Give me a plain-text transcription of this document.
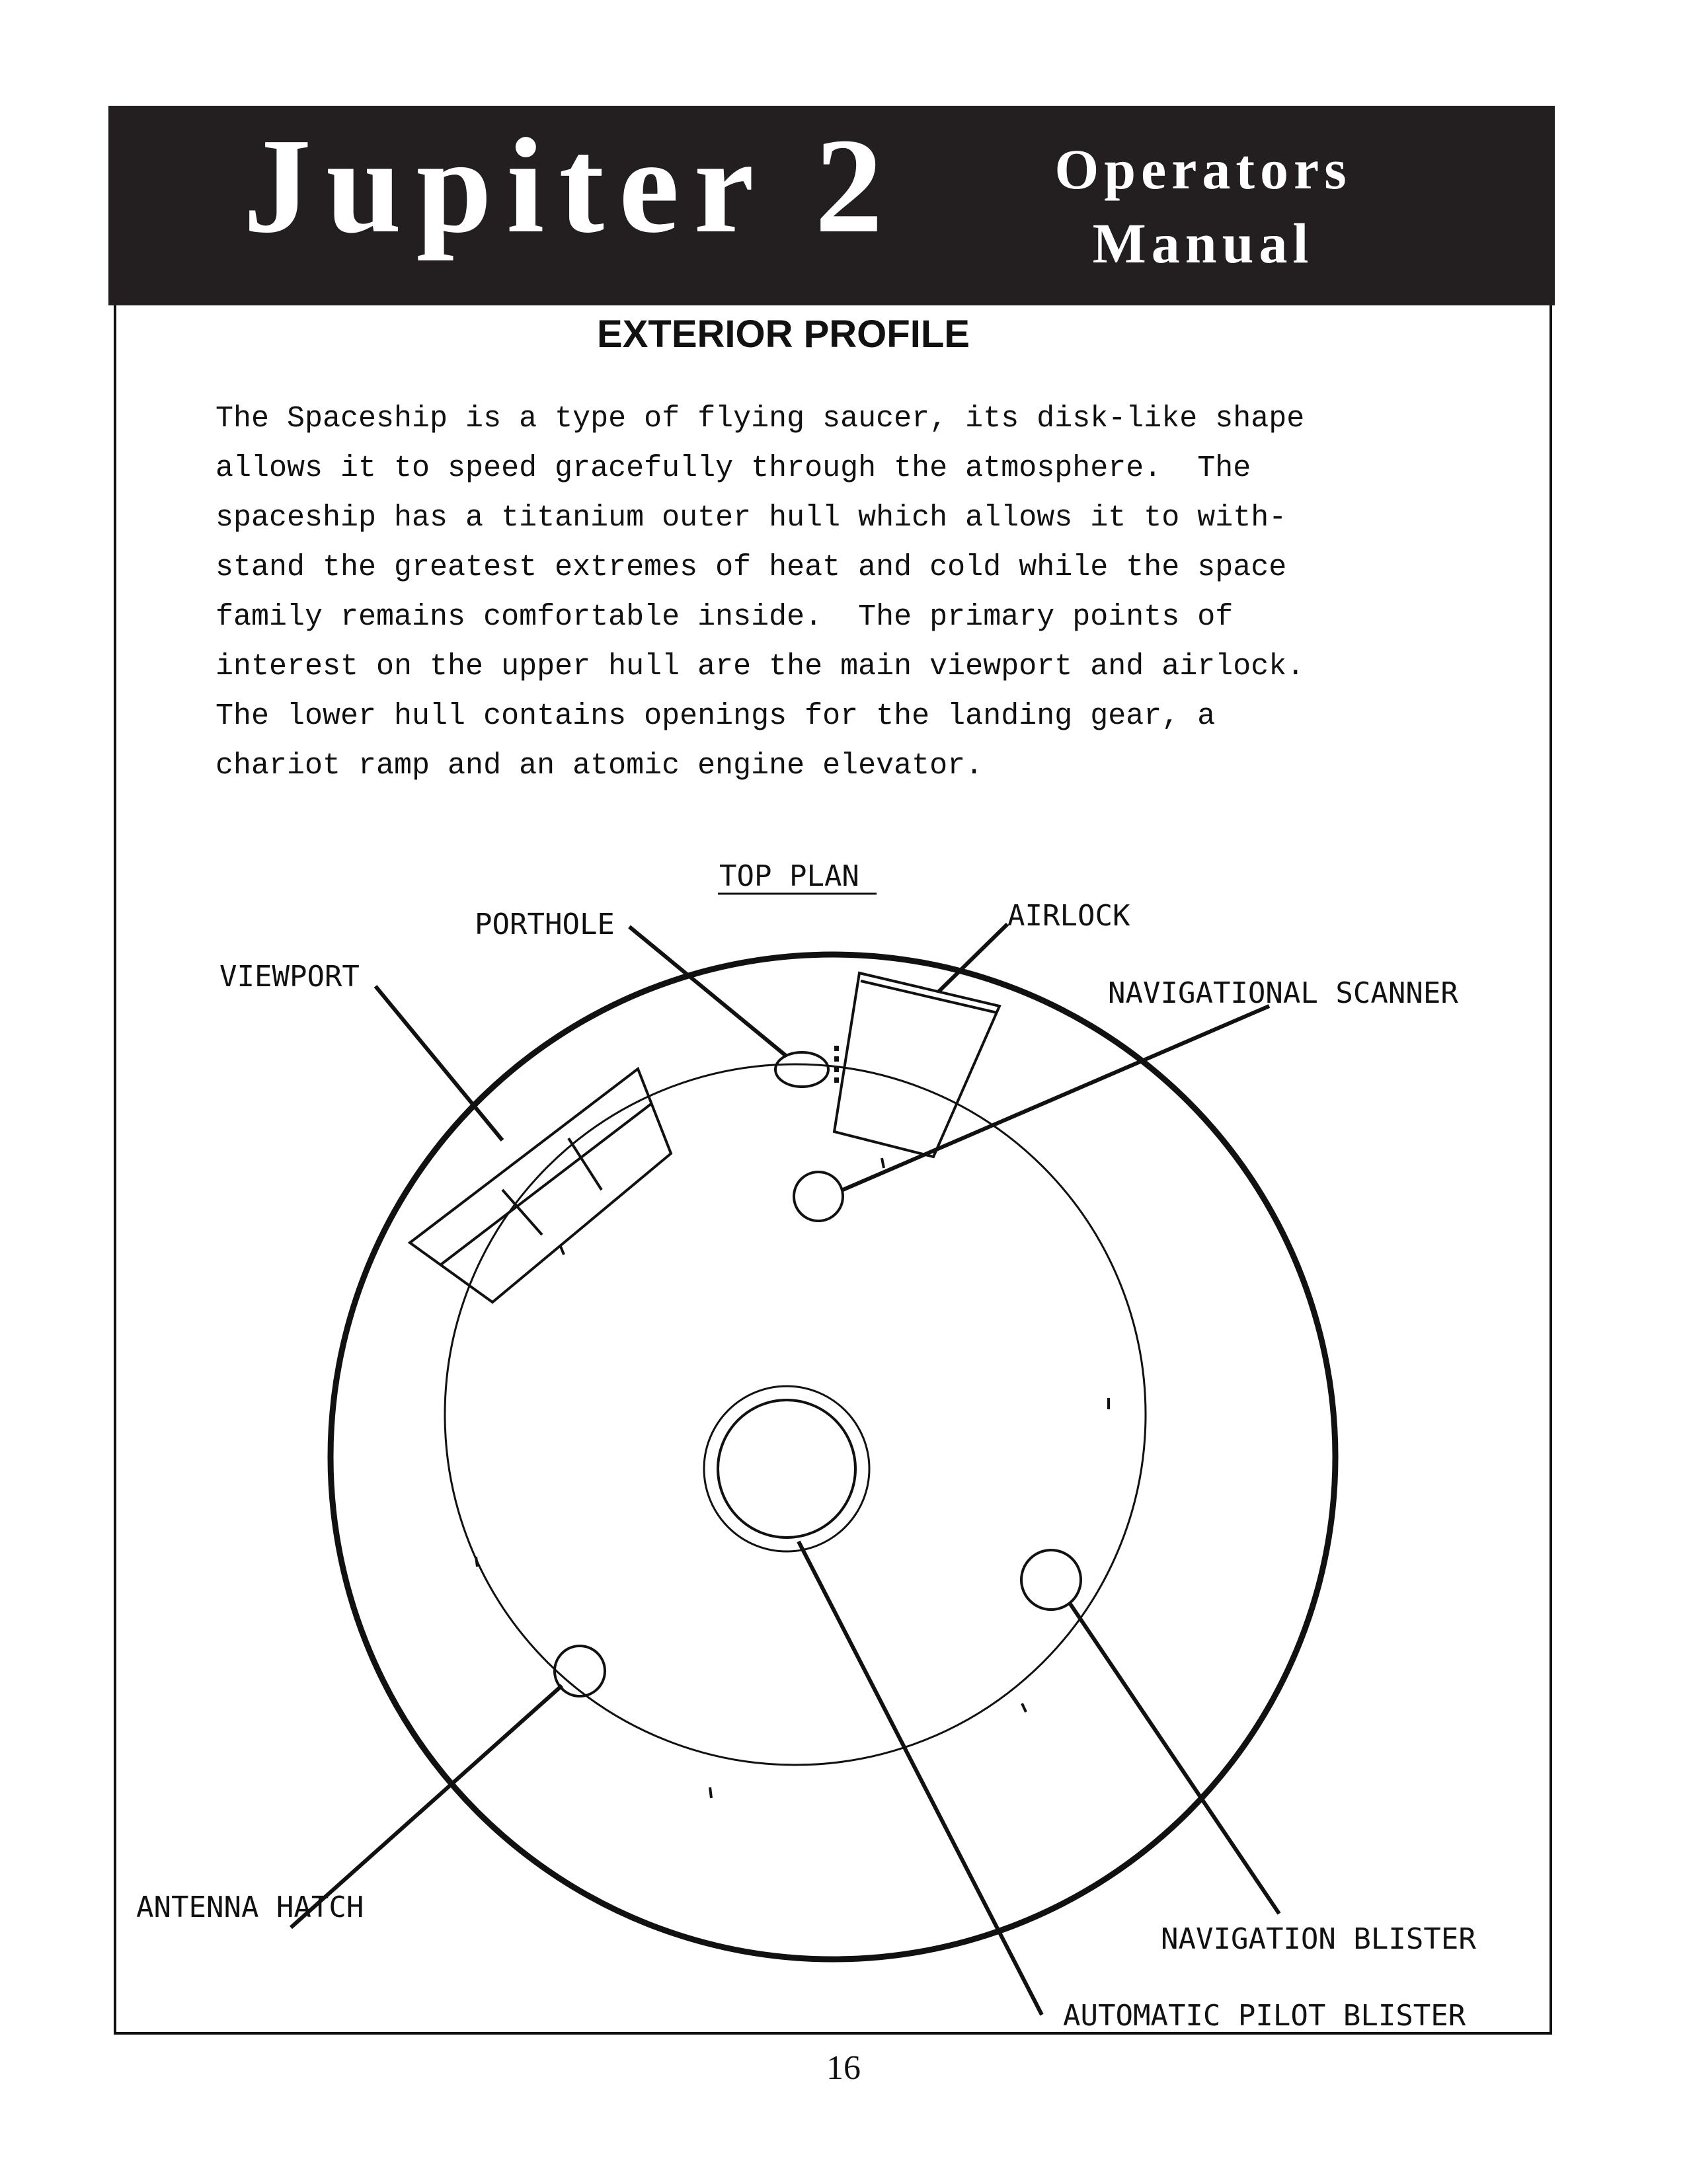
Jupiter 2	Operators
Manual
EXTERIOR PROFILE
The Spaceship is a type of flying saucer, its disk-like shape
allows it to speed gracefully through the atmosphere.  The
spaceship has a titanium outer hull which allows it to with-
stand the greatest extremes of heat and cold while the space
family remains comfortable inside.  The primary points of
interest on the upper hull are the main viewport and airlock.
The lower hull contains openings for the landing gear, a
chariot ramp and an atomic engine elevator.
TOP PLAN
PORTHOLE	AIRLOCK
VIEWPORT	NAVIGATIONAL SCANNER
ANTENNA HATCH
NAVIGATION BLISTER
AUTOMATIC PILOT BLISTER
16
